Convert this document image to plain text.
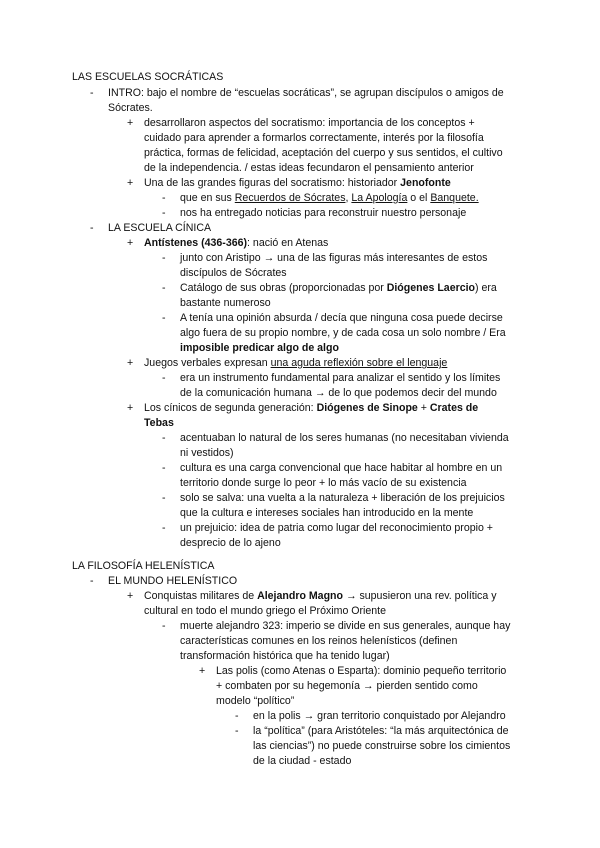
LAS ESCUELAS SOCRÁTICAS
- INTRO: bajo el nombre de “escuelas socráticas”, se agrupan discípulos o amigos de
Sócrates.
+ desarrollaron aspectos del socratismo: importancia de los conceptos +
cuidado para aprender a formarlos correctamente, interés por la filosofía
práctica, formas de felicidad, aceptación del cuerpo y sus sentidos, el cultivo
de la independencia. / estas ideas fecundaron el pensamiento anterior
+ Una de las grandes figuras del socratismo: historiador Jenofonte
- que en sus Recuerdos de Sócrates, La Apología o el Banquete.
- nos ha entregado noticias para reconstruir nuestro personaje
- LA ESCUELA CÍNICA
+ Antístenes (436-366): nació en Atenas
- junto con Aristipo → una de las figuras más interesantes de estos
discípulos de Sócrates
- Catálogo de sus obras (proporcionadas por Diógenes Laercio) era
bastante numeroso
- A tenía una opinión absurda / decía que ninguna cosa puede decirse
algo fuera de su propio nombre, y de cada cosa un solo nombre / Era
imposible predicar algo de algo
+ Juegos verbales expresan una aguda reflexión sobre el lenguaje
- era un instrumento fundamental para analizar el sentido y los límites
de la comunicación humana → de lo que podemos decir del mundo
+ Los cínicos de segunda generación: Diógenes de Sinope + Crates de
Tebas
- acentuaban lo natural de los seres humanas (no necesitaban vivienda
ni vestidos)
- cultura es una carga convencional que hace habitar al hombre en un
territorio donde surge lo peor + lo más vacío de su existencia
- solo se salva: una vuelta a la naturaleza + liberación de los prejuicios
que la cultura e intereses sociales han introducido en la mente
- un prejuicio: idea de patria como lugar del reconocimiento propio +
desprecio de lo ajeno
LA FILOSOFÍA HELENÍSTICA
- EL MUNDO HELENÍSTICO
+ Conquistas militares de Alejandro Magno → supusieron una rev. política y
cultural en todo el mundo griego el Próximo Oriente
- muerte alejandro 323: imperio se divide en sus generales, aunque hay
características comunes en los reinos helenísticos (definen
transformación histórica que ha tenido lugar)
+ Las polis (como Atenas o Esparta): dominio pequeño territorio
+ combaten por su hegemonía → pierden sentido como
modelo “político”
- en la polis → gran territorio conquistado por Alejandro
- la “política” (para Aristóteles: “la más arquitectónica de
las ciencias”) no puede construirse sobre los cimientos
de la ciudad - estado
